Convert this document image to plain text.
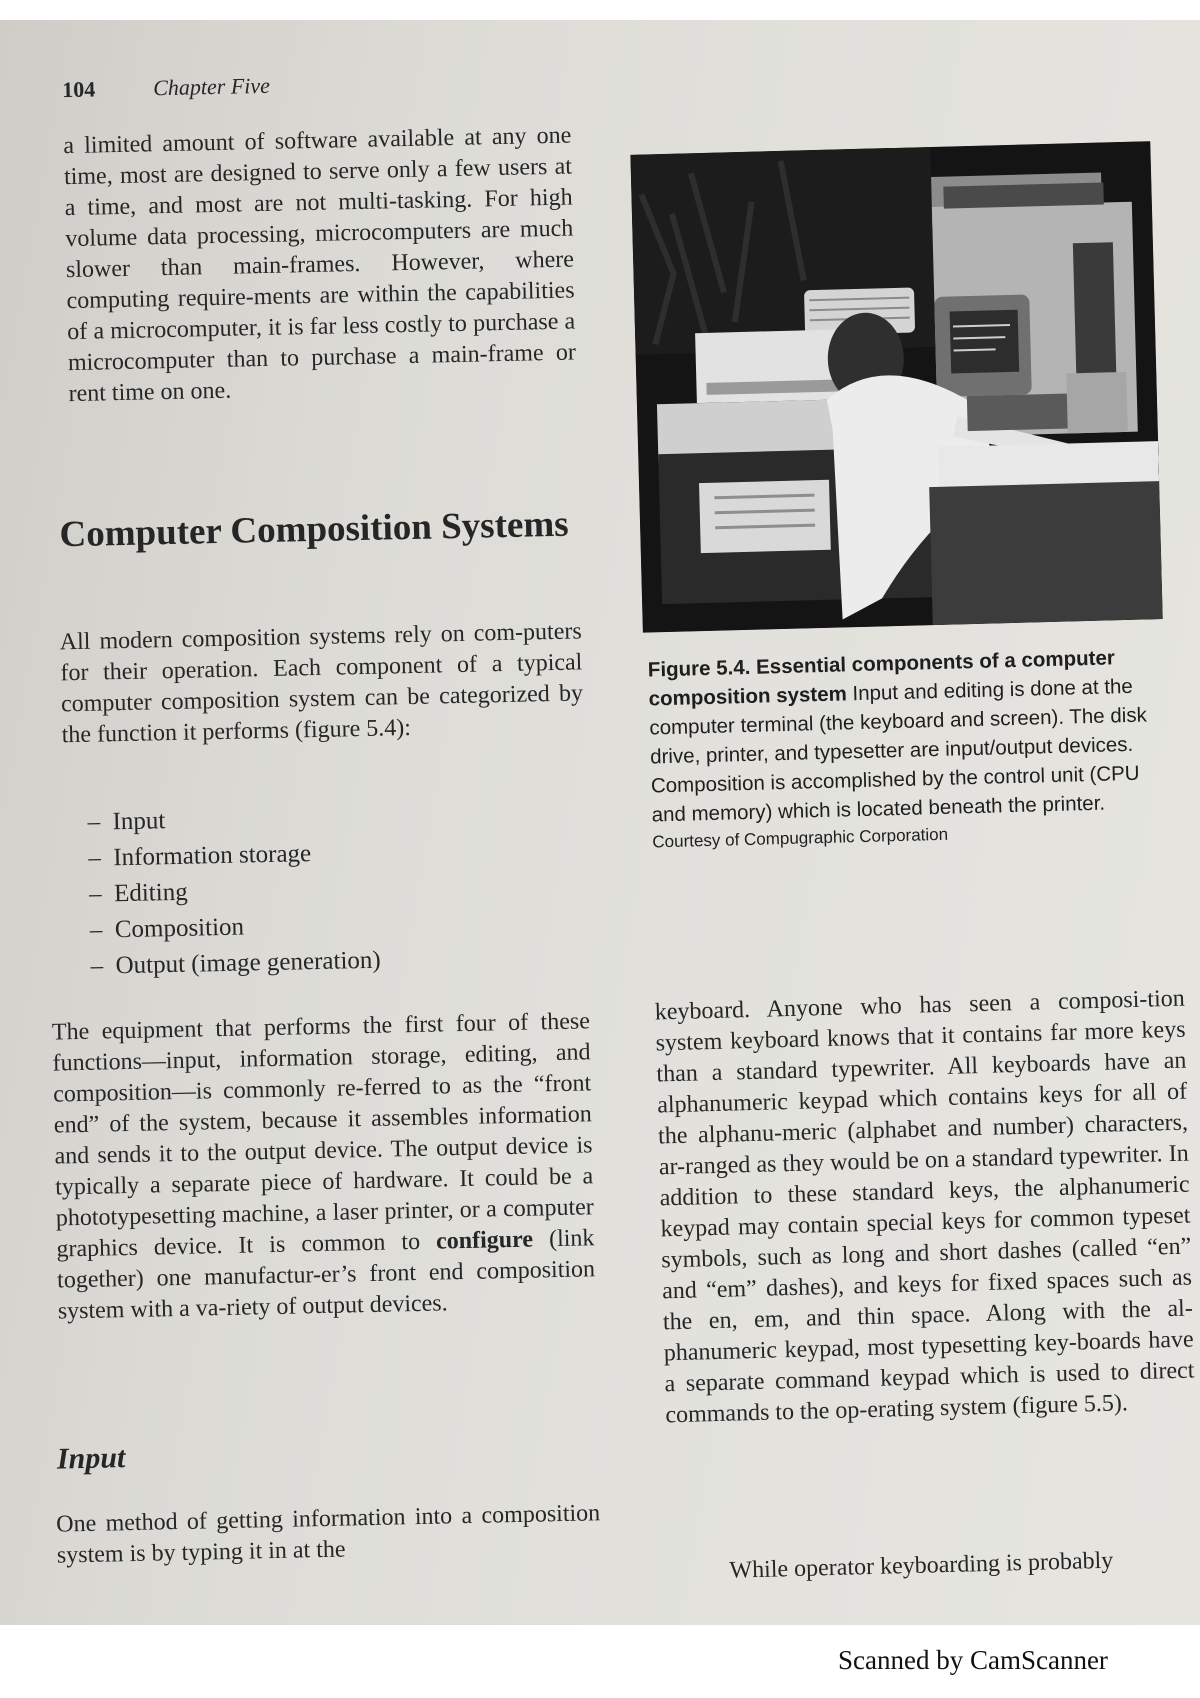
104	Chapter Five

a limited amount of software available at any one time, most are designed to serve only a few users at a time, and most are not multi-tasking. For high volume data processing, microcomputers are much slower than main-frames. However, where computing require-ments are within the capabilities of a microcomputer, it is far less costly to purchase a microcomputer than to purchase a main-frame or rent time on one.

Computer Composition Systems

All modern composition systems rely on com-puters for their operation. Each component of a typical computer composition system can be categorized by the function it performs (figure 5.4):

–  Input
–  Information storage
–  Editing
–  Composition
–  Output (image generation)

The equipment that performs the first four of these functions—input, information storage, editing, and composition—is commonly re-ferred to as the “front end” of the system, because it assembles information and sends it to the output device. The output device is typically a separate piece of hardware. It could be a phototypesetting machine, a laser printer, or a computer graphics device. It is common to configure (link together) one manufactur-er’s front end composition system with a va-riety of output devices.

Input

One method of getting information into a composition system is by typing it in at the

Figure 5.4. Essential components of a computer composition system Input and editing is done at the computer terminal (the keyboard and screen). The disk drive, printer, and typesetter are input/output devices. Composition is accomplished by the control unit (CPU and memory) which is located beneath the printer.
Courtesy of Compugraphic Corporation

keyboard. Anyone who has seen a composi-tion system keyboard knows that it contains far more keys than a standard typewriter. All keyboards have an alphanumeric keypad which contains keys for all of the alphanu-meric (alphabet and number) characters, ar-ranged as they would be on a standard typewriter. In addition to these standard keys, the alphanumeric keypad may contain special keys for common typeset symbols, such as long and short dashes (called “en” and “em” dashes), and keys for fixed spaces such as the en, em, and thin space. Along with the al-phanumeric keypad, most typesetting key-boards have a separate command keypad which is used to direct commands to the op-erating system (figure 5.5).

While operator keyboarding is probably

Scanned by CamScanner
